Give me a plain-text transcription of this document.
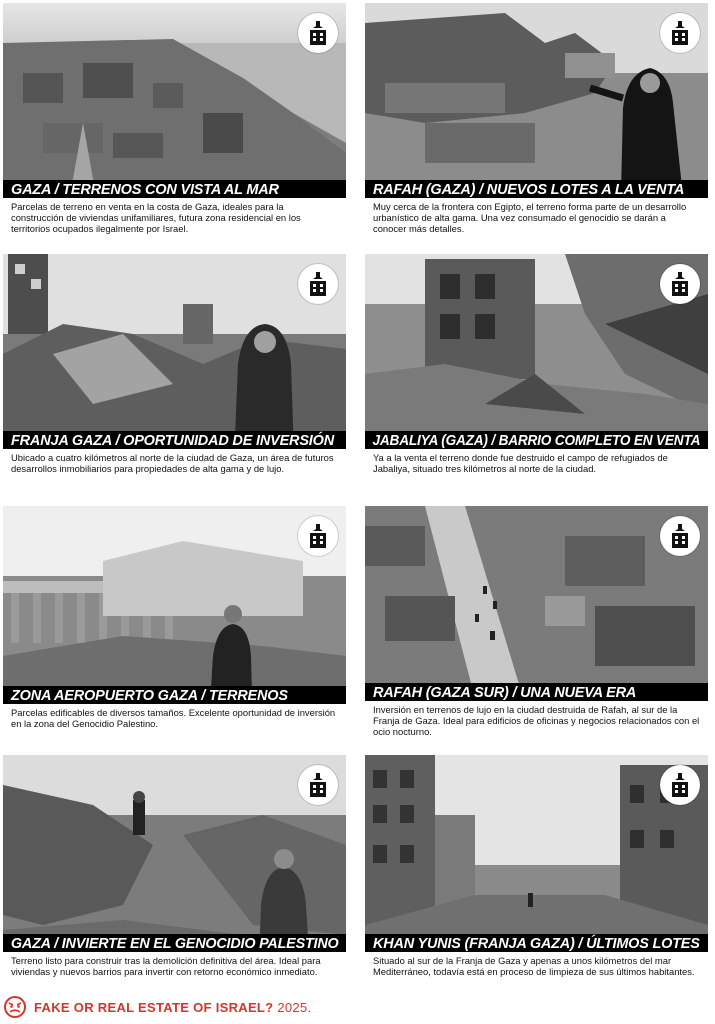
GAZA / TERRENOS CON VISTA AL MAR

Parcelas de terreno en venta en la costa de Gaza, ideales para la construcción de viviendas unifamiliares, futura zona residencial en los territorios ocupados ilegalmente por Israel.

RAFAH (GAZA) / NUEVOS LOTES A LA VENTA

Muy cerca de la frontera con Egipto, el terreno forma parte de un desarrollo urbanístico de alta gama. Una vez consumado el genocidio se darán a conocer más detalles.

FRANJA GAZA / OPORTUNIDAD DE INVERSIÓN

Ubicado a cuatro kilómetros al norte de la ciudad de Gaza, un área de futuros desarrollos inmobiliarios para propiedades de alta gama y de lujo.

JABALIYA (GAZA) / BARRIO COMPLETO EN VENTA

Ya a la venta el terreno donde fue destruido el campo de refugiados de Jabaliya, situado tres kilómetros al norte de la ciudad.

ZONA AEROPUERTO GAZA / TERRENOS

Parcelas edificables de diversos tamaños. Excelente oportunidad de inversión en la zona del Genocidio Palestino.

RAFAH (GAZA SUR) / UNA NUEVA ERA

Inversión en terrenos de lujo en la ciudad destruida de Rafah, al sur de la Franja de Gaza. Ideal para edificios de oficinas y negocios relacionados con el ocio nocturno.

GAZA / INVIERTE EN EL GENOCIDIO PALESTINO

Terreno listo para construir tras la demolición definitiva del área. Ideal para viviendas y nuevos barrios para invertir con retorno económico inmediato.

KHAN YUNIS (FRANJA GAZA) / ÚLTIMOS LOTES

Situado al sur de la Franja de Gaza y apenas a unos kilómetros del mar Mediterráneo, todavía está en proceso de limpieza de sus últimos habitantes.

FAKE OR REAL ESTATE OF ISRAEL? 2025.
